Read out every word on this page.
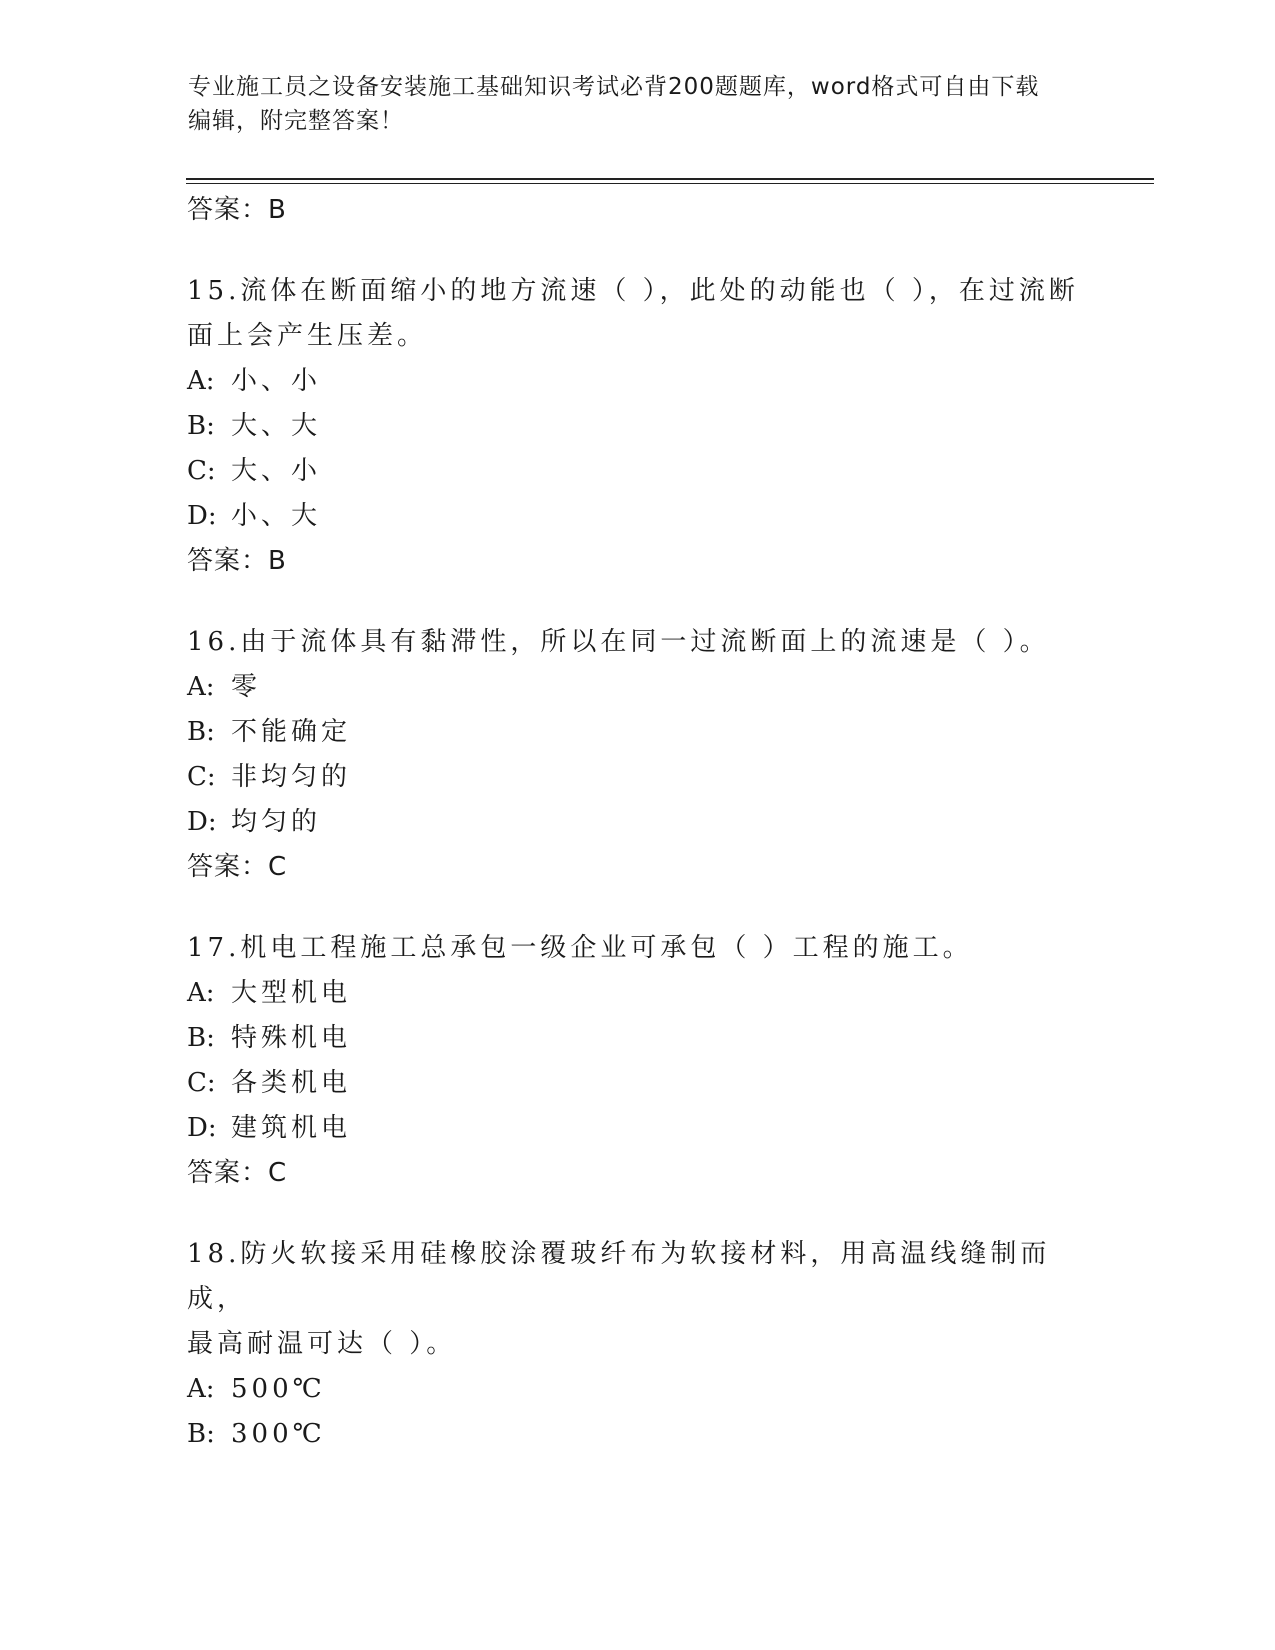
专业施工员之设备安装施工基础知识考试必背200题题库，word格式可自由下载
编辑，附完整答案！
答案：B
15.流体在断面缩小的地方流速（ ），此处的动能也（ ），在过流断
面上会产生压差。
A: 小、小
B: 大、大
C: 大、小
D: 小、大
答案：B
16.由于流体具有黏滞性，所以在同一过流断面上的流速是（ ）。
A: 零
B: 不能确定
C: 非均匀的
D: 均匀的
答案：C
17.机电工程施工总承包一级企业可承包（ ）工程的施工。
A: 大型机电
B: 特殊机电
C: 各类机电
D: 建筑机电
答案：C
18.防火软接采用硅橡胶涂覆玻纤布为软接材料，用高温线缝制而成，
最高耐温可达（ ）。
A: 500℃
B: 300℃
